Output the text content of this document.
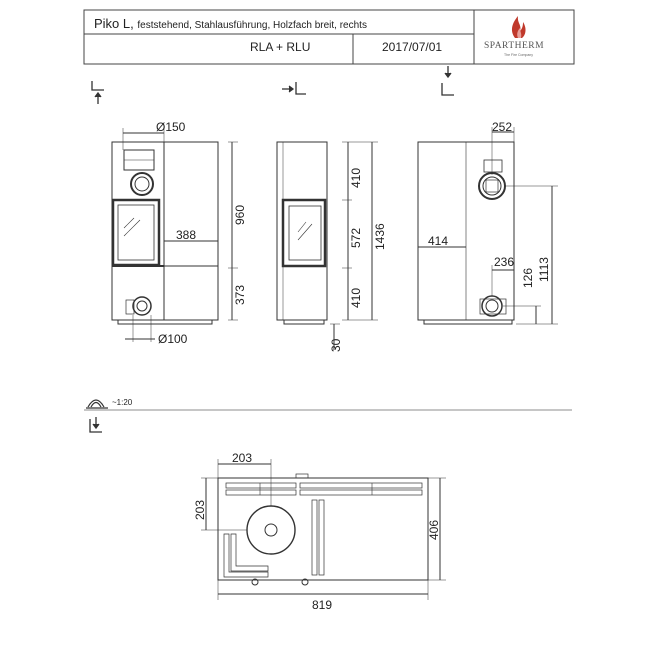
Piko L, feststehend, Stahlausführung, Holzfach breit, rechts
RLA + RLU	2017/07/01	SPARTHERM
The Fire Company
~1:20
Ø150
388
960
373
Ø100	30
410
572
410
1436
252
414
1113
236
126
203
203
406
819
